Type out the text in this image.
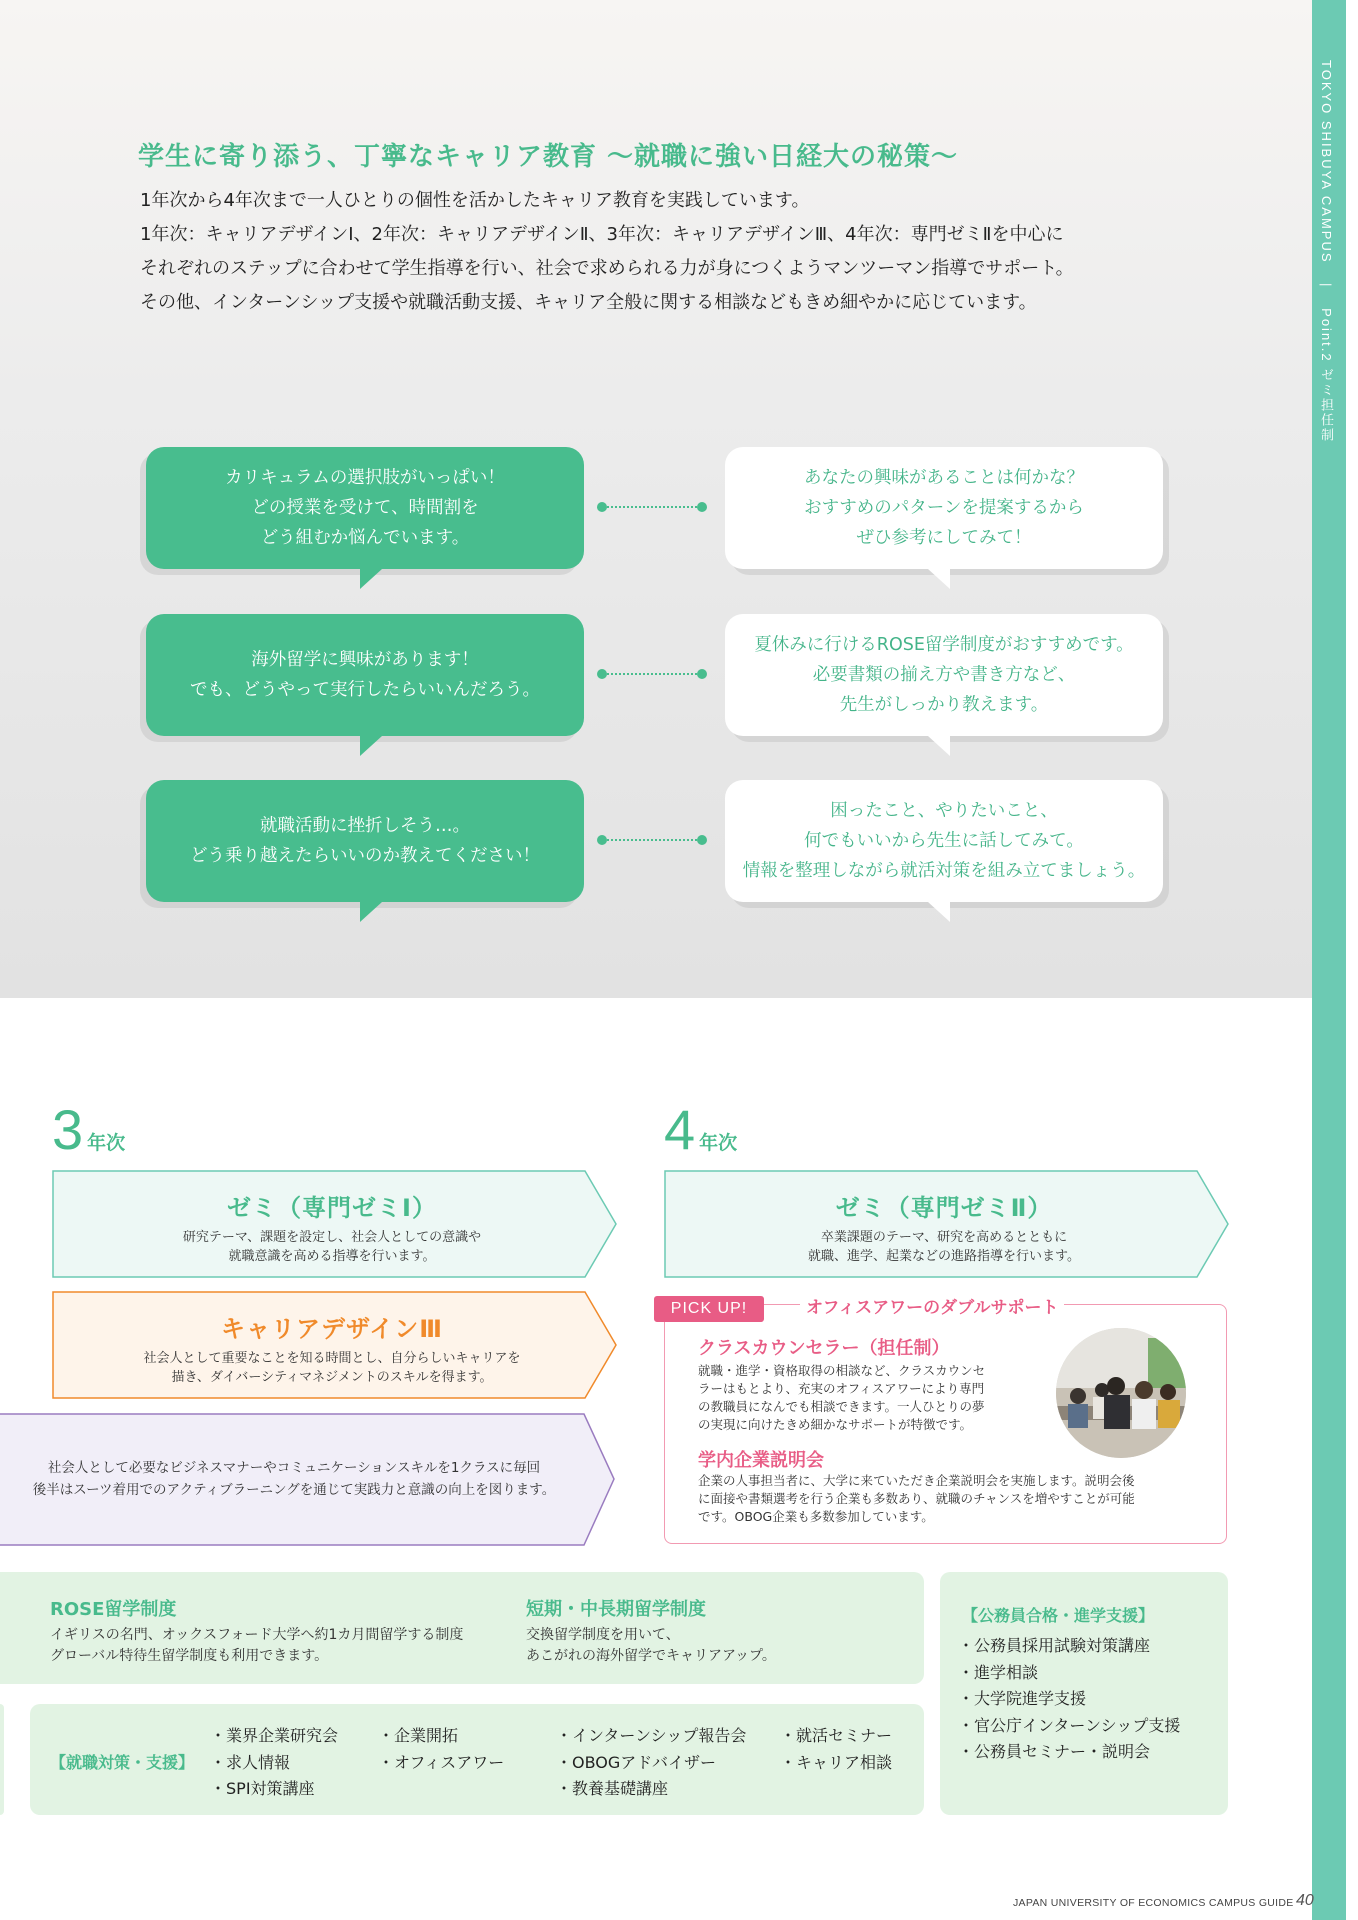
TOKYO SHIBUYA CAMPUS | Point.2 ゼミ担任制
学生に寄り添う、丁寧なキャリア教育 〜就職に強い日経大の秘策〜
1年次から4年次まで一人ひとりの個性を活かしたキャリア教育を実践しています。
1年次：キャリアデザインⅠ、2年次：キャリアデザインⅡ、3年次：キャリアデザインⅢ、4年次：専門ゼミⅡを中心に
それぞれのステップに合わせて学生指導を行い、社会で求められる力が身につくようマンツーマン指導でサポート。
その他、インターンシップ支援や就職活動支援、キャリア全般に関する相談などもきめ細やかに応じています。
カリキュラムの選択肢がいっぱい！
どの授業を受けて、時間割を
どう組むか悩んでいます。
あなたの興味があることは何かな？
おすすめのパターンを提案するから
ぜひ参考にしてみて！
海外留学に興味があります！
でも、どうやって実行したらいいんだろう。
夏休みに行けるROSE留学制度がおすすめです。
必要書類の揃え方や書き方など、
先生がしっかり教えます。
就職活動に挫折しそう…。
どう乗り越えたらいいのか教えてください！
困ったこと、やりたいこと、
何でもいいから先生に話してみて。
情報を整理しながら就活対策を組み立てましょう。
3 年次
ゼミ（専門ゼミⅠ）
研究テーマ、課題を設定し、社会人としての意識や
就職意識を高める指導を行います。
キャリアデザインⅢ
社会人として重要なことを知る時間とし、自分らしいキャリアを
描き、ダイバーシティマネジメントのスキルを得ます。
社会人として必要なビジネスマナーやコミュニケーションスキルを1クラスに毎回
後半はスーツ着用でのアクティブラーニングを通じて実践力と意識の向上を図ります。
4 年次
ゼミ（専門ゼミⅡ）
卒業課題のテーマ、研究を高めるとともに
就職、進学、起業などの進路指導を行います。
PICK UP!	オフィスアワーのダブルサポート
クラスカウンセラー（担任制）
就職・進学・資格取得の相談など、クラスカウンセ
ラーはもとより、充実のオフィスアワーにより専門
の教職員になんでも相談できます。一人ひとりの夢
の実現に向けたきめ細かなサポートが特徴です。
学内企業説明会
企業の人事担当者に、大学に来ていただき企業説明会を実施します。説明会後
に面接や書類選考を行う企業も多数あり、就職のチャンスを増やすことが可能
です。OBOG企業も多数参加しています。
ROSE留学制度
イギリスの名門、オックスフォード大学へ約1カ月間留学する制度
グローバル特待生留学制度も利用できます。
短期・中長期留学制度
交換留学制度を用いて、
あこがれの海外留学でキャリアアップ。
【就職対策・支援】
・ 業界企業研究会
・ 求人情報
・ SPI対策講座
・ 企業開拓
・ オフィスアワー
・ インターンシップ報告会
・ OBOGアドバイザー
・ 教養基礎講座
・ 就活セミナー
・ キャリア相談
【公務員合格・進学支援】
・ 公務員採用試験対策講座
・ 進学相談
・ 大学院進学支援
・ 官公庁インターンシップ支援
・ 公務員セミナー・説明会
JAPAN UNIVERSITY OF ECONOMICS CAMPUS GUIDE 40
